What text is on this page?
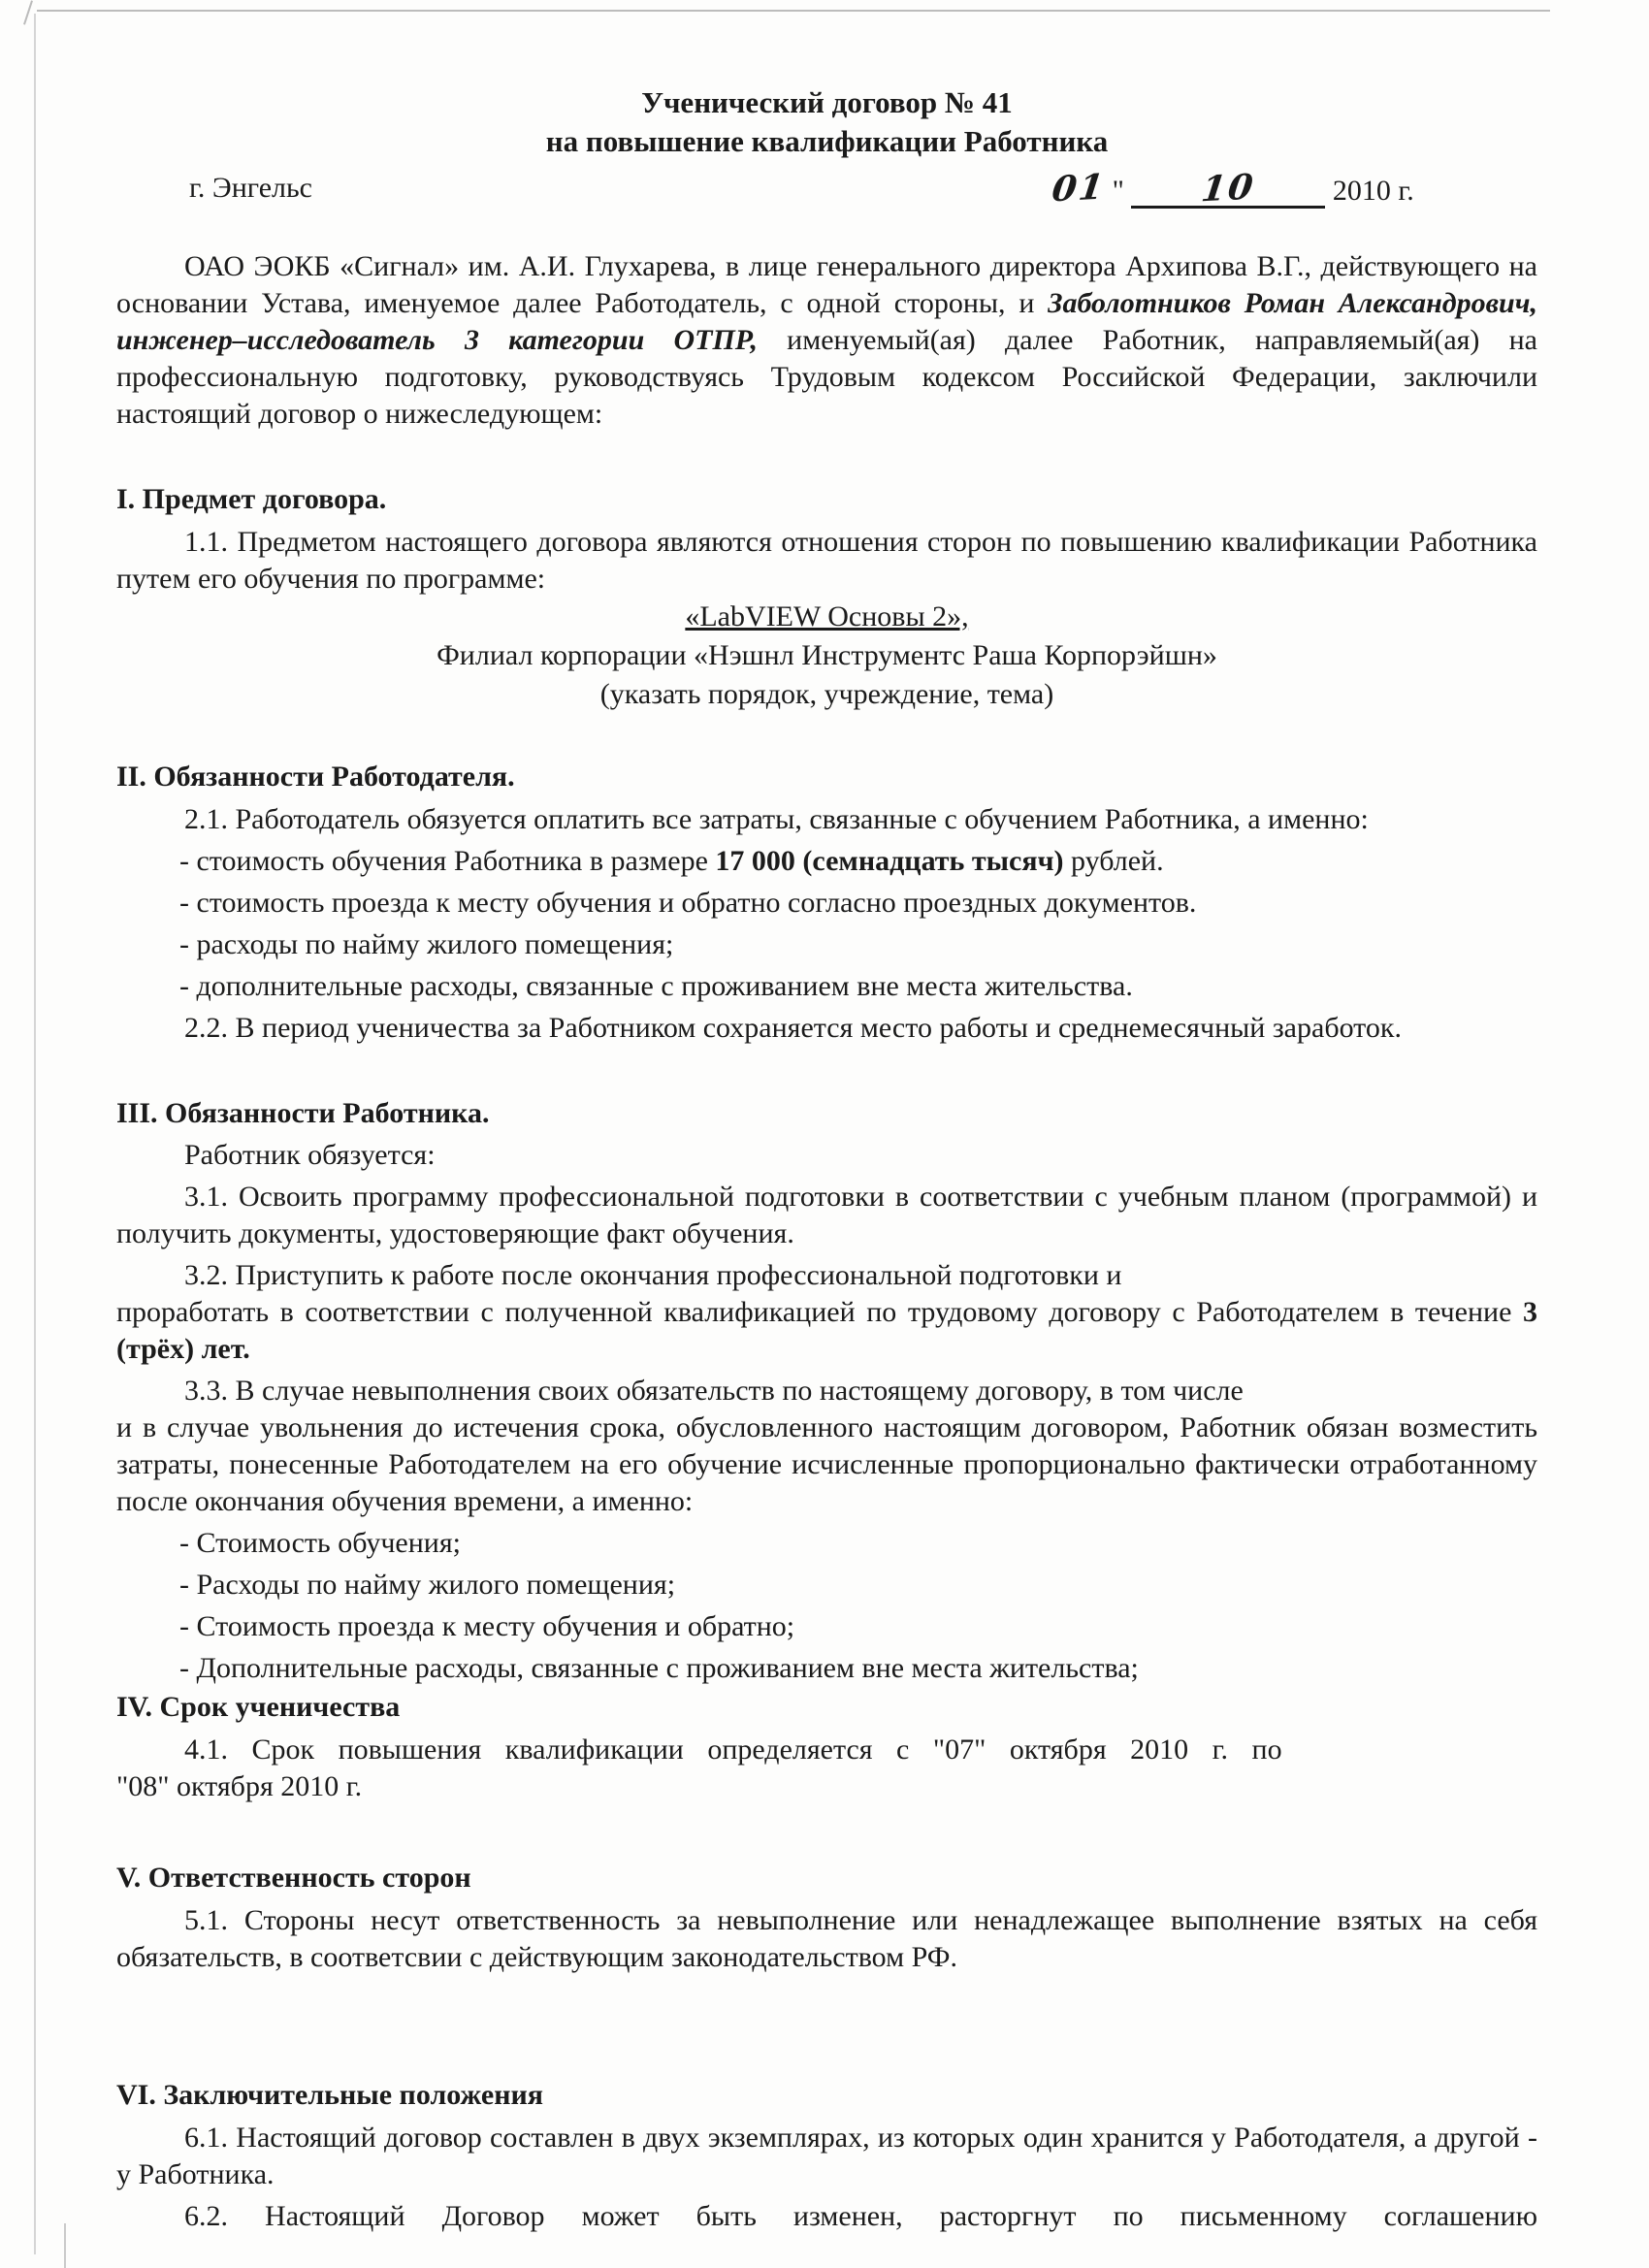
Ученический договор № 41
на повышение квалификации Работника
г. Энгельс	01 " 10	2010 г.

ОАО ЭОКБ «Сигнал» им. А.И. Глухарева, в лице генерального директора Архипова В.Г., действующего на основании Устава, именуемое далее Работодатель, с одной стороны, и Заболотников Роман Александрович, инженер–исследователь 3 категории ОТПР, именуемый(ая) далее Работник, направляемый(ая) на профессиональную подготовку, руководствуясь Трудовым кодексом Российской Федерации, заключили настоящий договор о нижеследующем:

I. Предмет договора.

1.1. Предметом настоящего договора являются отношения сторон по повышению квалификации Работника путем его обучения по программе:

«LabVIEW Основы 2»,

Филиал корпорации «Нэшнл Инструментс Раша Корпорэйшн»

(указать порядок, учреждение, тема)

II. Обязанности Работодателя.

2.1. Работодатель обязуется оплатить все затраты, связанные с обучением Работника, а именно:

- стоимость обучения Работника в размере 17 000 (семнадцать тысяч) рублей.

- стоимость проезда к месту обучения и обратно согласно проездных документов.

- расходы по найму жилого помещения;

- дополнительные расходы, связанные с проживанием вне места жительства.

2.2. В период ученичества за Работником сохраняется место работы и среднемесячный заработок.

III. Обязанности Работника.

Работник обязуется:

3.1. Освоить программу профессиональной подготовки в соответствии с учебным планом (программой) и получить документы, удостоверяющие факт обучения.

3.2. Приступить к работе после окончания профессиональной подготовки и

проработать в соответствии с полученной квалификацией по трудовому договору с Работодателем в течение 3 (трёх) лет.

3.3. В случае невыполнения своих обязательств по настоящему договору, в том числе

и в случае увольнения до истечения срока, обусловленного настоящим договором, Работник обязан возместить затраты, понесенные Работодателем на его обучение исчисленные пропорционально фактически отработанному после окончания обучения времени, а именно:

- Стоимость обучения;

- Расходы по найму жилого помещения;

- Стоимость проезда к месту обучения и обратно;

- Дополнительные расходы, связанные с проживанием вне места жительства;

IV. Срок ученичества

4.1. Срок повышения квалификации определяется с "07" октября 2010 г. по

"08" октября 2010 г.

V. Ответственность сторон

5.1. Стороны несут ответственность за невыполнение или ненадлежащее выполнение взятых на себя обязательств, в соответсвии с действующим законодательством РФ.

VI. Заключительные положения

6.1. Настоящий договор составлен в двух экземплярах, из которых один хранится у Работодателя, а другой - у Работника.

6.2. Настоящий Договор может быть изменен, расторгнут по письменному соглашению
